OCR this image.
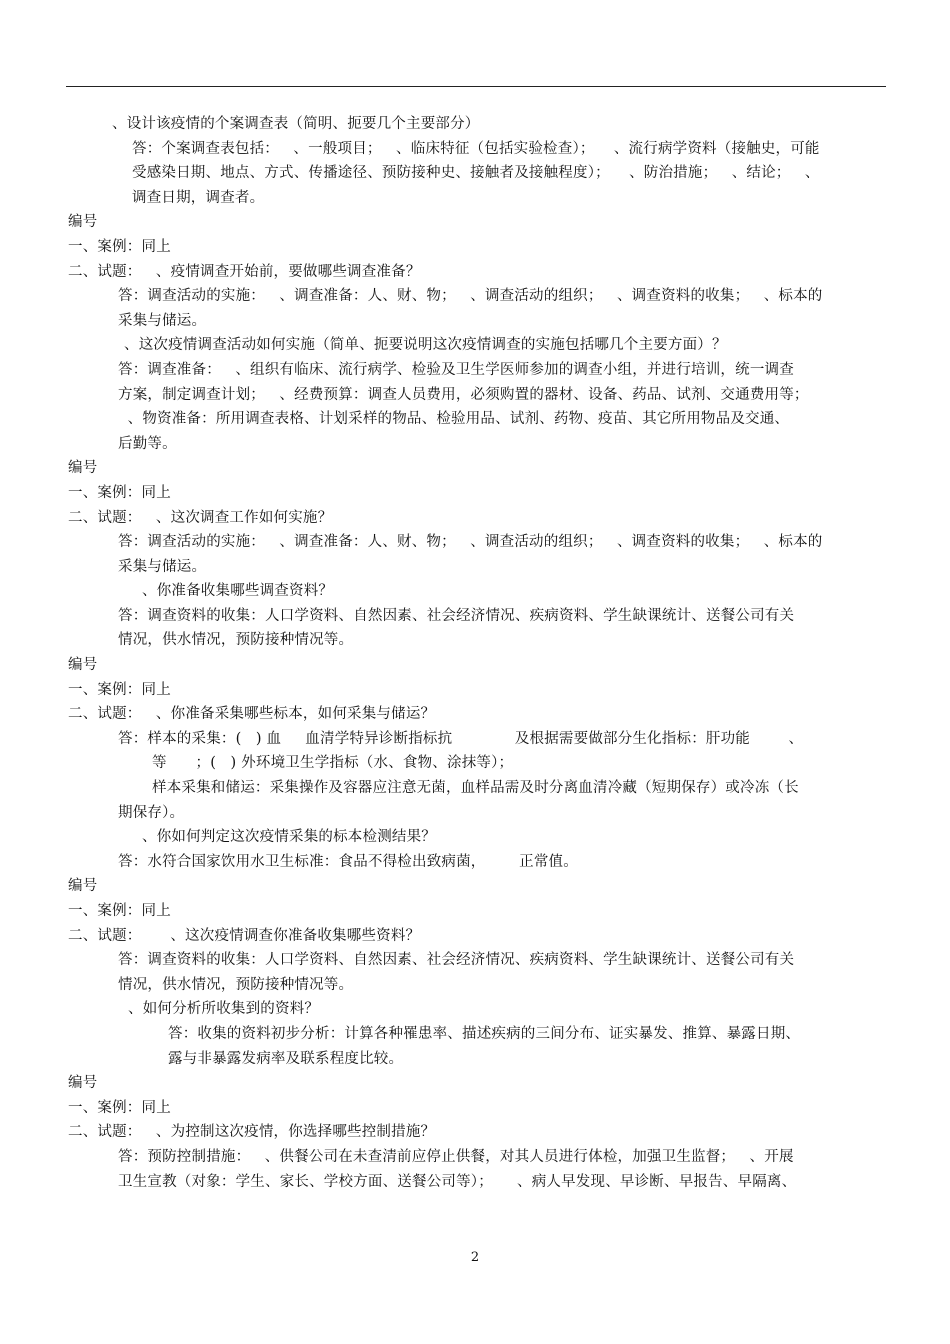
、设计该疫情的个案调查表（简明、扼要几个主要部分）
答：个案调查表包括：   、一般项目；   、临床特征（包括实验检查）；    、流行病学资料（接触史，可能
受感染日期、地点、方式、传播途径、预防接种史、接触者及接触程度）；    、防治措施；   、结论；   、
调查日期，调查者。
编号
一、案例：同上
二、试题：   、疫情调查开始前，要做哪些调查准备？
答：调查活动的实施：   、调查准备：人、财、物；   、调查活动的组织；   、调查资料的收集；   、标本的
采集与储运。
、这次疫情调查活动如何实施（简单、扼要说明这次疫情调查的实施包括哪几个主要方面）？
答：调查准备：   、组织有临床、流行病学、检验及卫生学医师参加的调查小组，并进行培训，统一调查
方案，制定调查计划；   、经费预算：调查人员费用，必须购置的器材、设备、药品、试剂、交通费用等；
、物资准备：所用调查表格、计划采样的物品、检验用品、试剂、药物、疫苗、其它所用物品及交通、
后勤等。
编号
一、案例：同上
二、试题：   、这次调查工作如何实施？
答：调查活动的实施：   、调查准备：人、财、物；   、调查活动的组织；   、调查资料的收集；   、标本的
采集与储运。
、你准备收集哪些调查资料？
答：调查资料的收集：人口学资料、自然因素、社会经济情况、疾病资料、学生缺课统计、送餐公司有关
情况，供水情况，预防接种情况等。
编号
一、案例：同上
二、试题：   、你准备采集哪些标本，如何采集与储运？
答：样本的采集：(   ) 血     血清学特异诊断指标抗             及根据需要做部分生化指标：肝功能        、
等      ；(   ) 外环境卫生学指标（水、食物、涂抹等）；
样本采集和储运：采集操作及容器应注意无菌，血样品需及时分离血清冷藏（短期保存）或冷冻（长
期保存）。
、你如何判定这次疫情采集的标本检测结果？
答：水符合国家饮用水卫生标准：食品不得检出致病菌，       正常值。
编号
一、案例：同上
二、试题：      、这次疫情调查你准备收集哪些资料？
答：调查资料的收集：人口学资料、自然因素、社会经济情况、疾病资料、学生缺课统计、送餐公司有关
情况，供水情况，预防接种情况等。
、如何分析所收集到的资料？
答：收集的资料初步分析：计算各种罹患率、描述疾病的三间分布、证实暴发、推算、暴露日期、
露与非暴露发病率及联系程度比较。
编号
一、案例：同上
二、试题：   、为控制这次疫情，你选择哪些控制措施？
答：预防控制措施：   、供餐公司在未查清前应停止供餐，对其人员进行体检，加强卫生监督；   、开展
卫生宣教（对象：学生、家长、学校方面、送餐公司等）；     、病人早发现、早诊断、早报告、早隔离、
2
